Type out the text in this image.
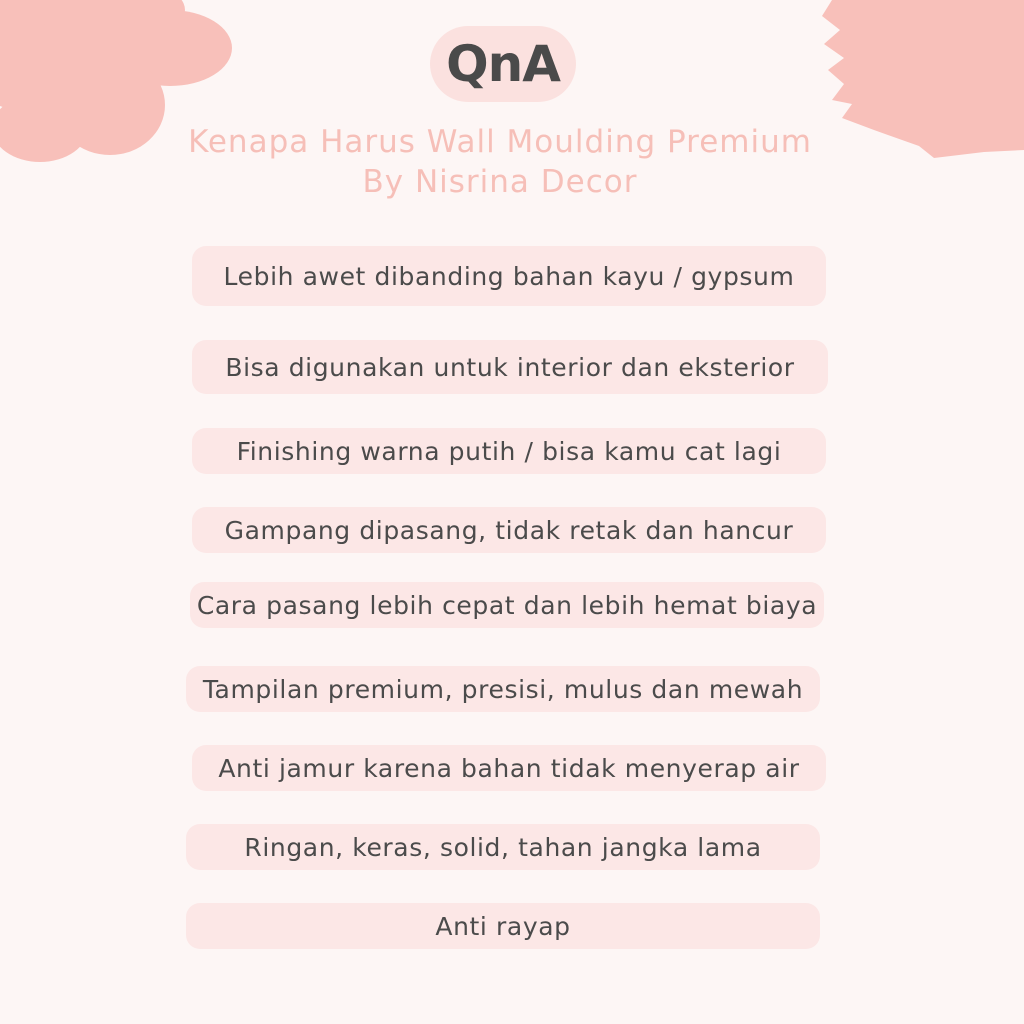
QnA
Kenapa Harus Wall Moulding Premium
By Nisrina Decor
Lebih awet dibanding bahan kayu / gypsum
Bisa digunakan untuk interior dan eksterior
Finishing warna putih / bisa kamu cat lagi
Gampang dipasang, tidak retak dan hancur
Cara pasang lebih cepat dan lebih hemat biaya
Tampilan premium, presisi, mulus dan mewah
Anti jamur karena bahan tidak menyerap air
Ringan, keras, solid, tahan jangka lama
Anti rayap
